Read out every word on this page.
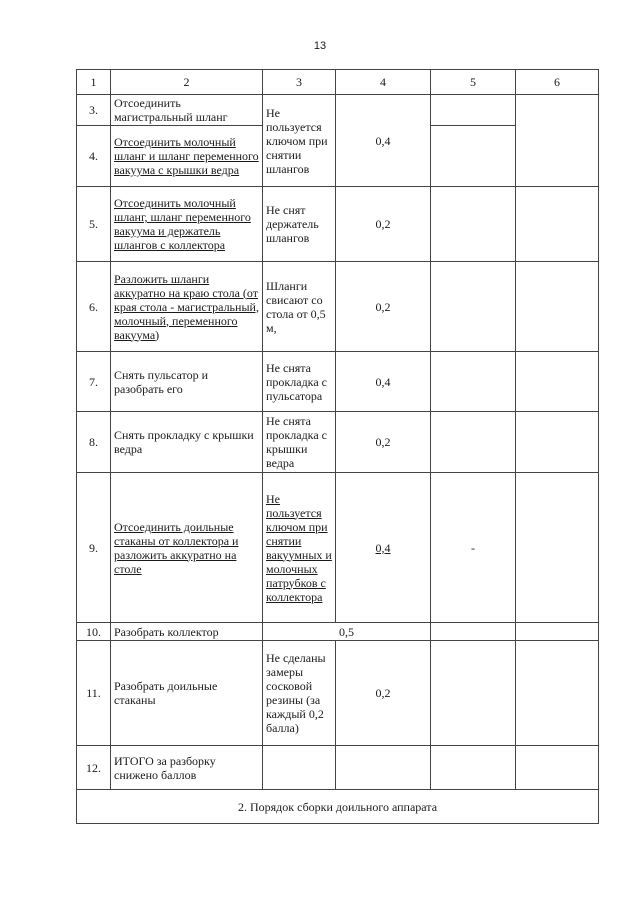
13
1	2	3	4	5	6
3.	Отсоединить магистральный шланг	Не пользуется ключом при снятии шлангов	0,4		
4.	Отсоединить молочный шланг и шланг переменного вакуума с крышки ведра				
5.	Отсоединить молочный шланг, шланг переменного вакуума и держатель шлангов с коллектора	Не снят держатель шлангов	0,2		
6.	Разложить шланги аккуратно на краю стола (от края стола - магистральный, молочный, переменного вакуума)	Шланги свисают со стола от 0,5 м,	0,2		
7.	Снять пульсатор и разобрать его	Не снята прокладка с пульсатора	0,4		
8.	Снять прокладку с крышки ведра	Не снята прокладка с крышки ведра	0,2		
9.	Отсоединить доильные стаканы от коллектора и разложить аккуратно на столе	Не пользуется ключом при снятии вакуумных и молочных патрубков с коллектора	0,4	-	
10.	Разобрать коллектор	0,5			
11.	Разобрать доильные стаканы	Не сделаны замеры сосковой резины (за каждый 0,2 балла)	0,2		
12.	ИТОГО за разборку снижено баллов				
2. Порядок сборки доильного аппарата					
